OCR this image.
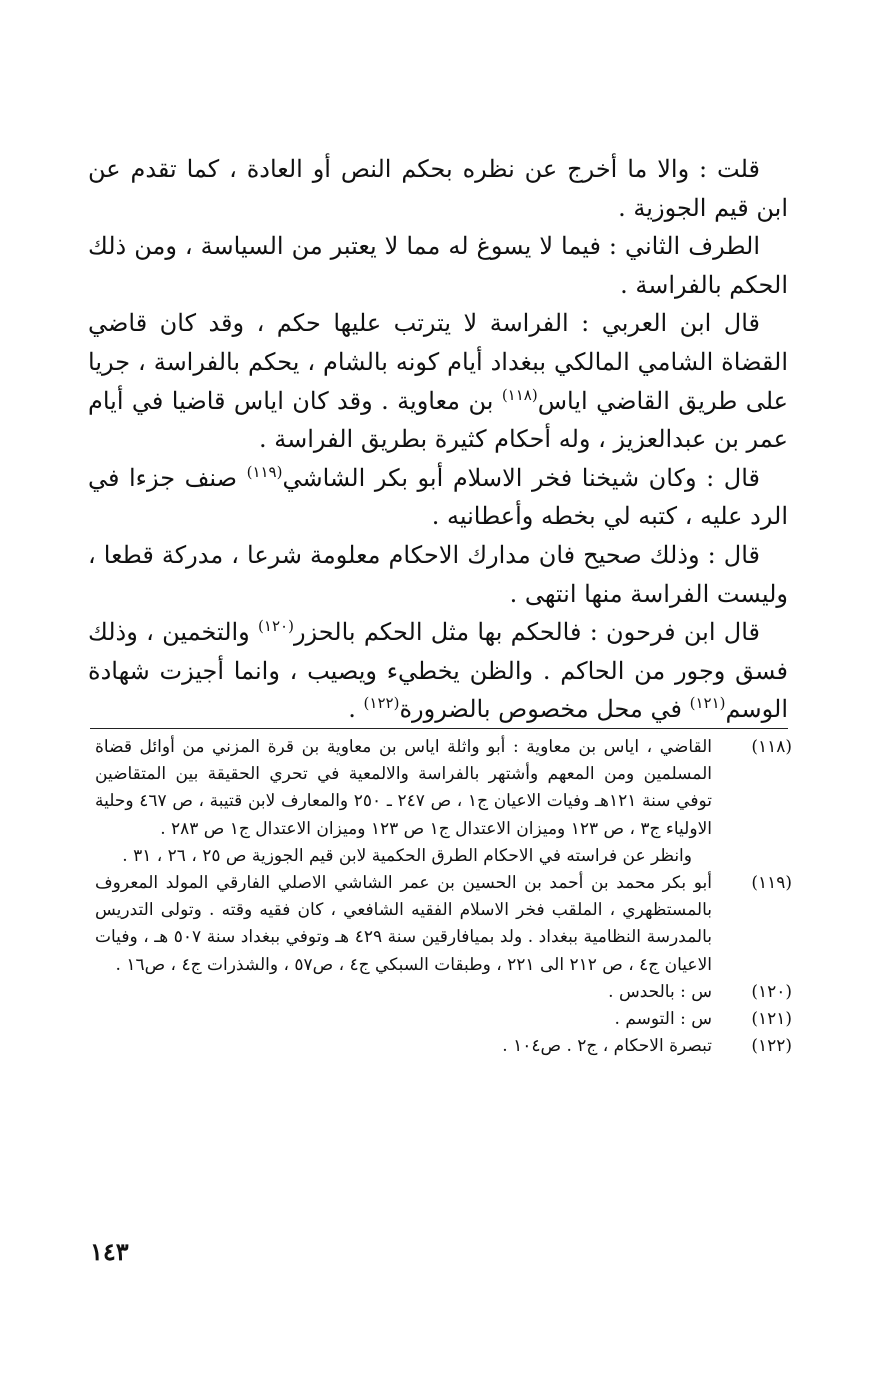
قلت : والا ما أخرج عن نظره بحكم النص أو العادة ، كما تقدم عن ابن قيم الجوزية .

الطرف الثاني : فيما لا يسوغ له مما لا يعتبر من السياسة ، ومن ذلك الحكم بالفراسة .

قال ابن العربي : الفراسة لا يترتب عليها حكم ، وقد كان قاضي القضاة الشامي المالكي ببغداد أيام كونه بالشام ، يحكم بالفراسة ، جريا على طريق القاضي اياس$^{(١١٨)}$ بن معاوية . وقد كان اياس قاضيا في أيام عمر بن عبدالعزيز ، وله أحكام كثيرة بطريق الفراسة .

قال : وكان شيخنا فخر الاسلام أبو بكر الشاشي$^{(١١٩)}$ صنف جزءا في الرد عليه ، كتبه لي بخطه وأعطانيه .

قال : وذلك صحيح فان مدارك الاحكام معلومة شرعا ، مدركة قطعا ، وليست الفراسة منها انتهى .

قال ابن فرحون : فالحكم بها مثل الحكم بالحزر$^{(١٢٠)}$ والتخمين ، وذلك فسق وجور من الحاكم . والظن يخطيء ويصيب ، وانما أجيزت شهادة الوسم$^{(١٢١)}$ في محل مخصوص بالضرورة$^{(١٢٢)}$ .

(١١٨)

القاضي ، اياس بن معاوية : أبو واثلة اياس بن معاوية بن قرة المزني من أوائل قضاة المسلمين ومن المعهم وأشتهر بالفراسة والالمعية في تحري الحقيقة بين المتقاضين توفي سنة ١٢١هـ وفيات الاعيان ج١ ، ص ٢٤٧ ـ ٢٥٠ والمعارف لابن قتيبة ، ص ٤٦٧ وحلية الاولياء ج٣ ، ص ١٢٣ وميزان الاعتدال ج١ ص ١٢٣ وميزان الاعتدال ج١ ص ٢٨٣ .

وانظر عن فراسته في الاحكام الطرق الحكمية لابن قيم الجوزية ص ٢٥ ، ٢٦ ، ٣١ .

(١١٩)

أبو بكر محمد بن أحمد بن الحسين بن عمر الشاشي الاصلي الفارقي المولد المعروف بالمستظهري ، الملقب فخر الاسلام الفقيه الشافعي ، كان فقيه وقته . وتولى التدريس بالمدرسة النظامية ببغداد . ولد بميافارقين سنة ٤٢٩ هـ وتوفي ببغداد سنة ٥٠٧ هـ ، وفيات الاعيان ج٤ ، ص ٢١٢ الى ٢٢١ ، وطبقات السبكي ج٤ ، ص٥٧ ، والشذرات ج٤ ، ص١٦ .

(١٢٠)

س : بالحدس .

(١٢١)

س : التوسم .

(١٢٢)

تبصرة الاحكام ، ج٢ . ص١٠٤ .

١٤٣
